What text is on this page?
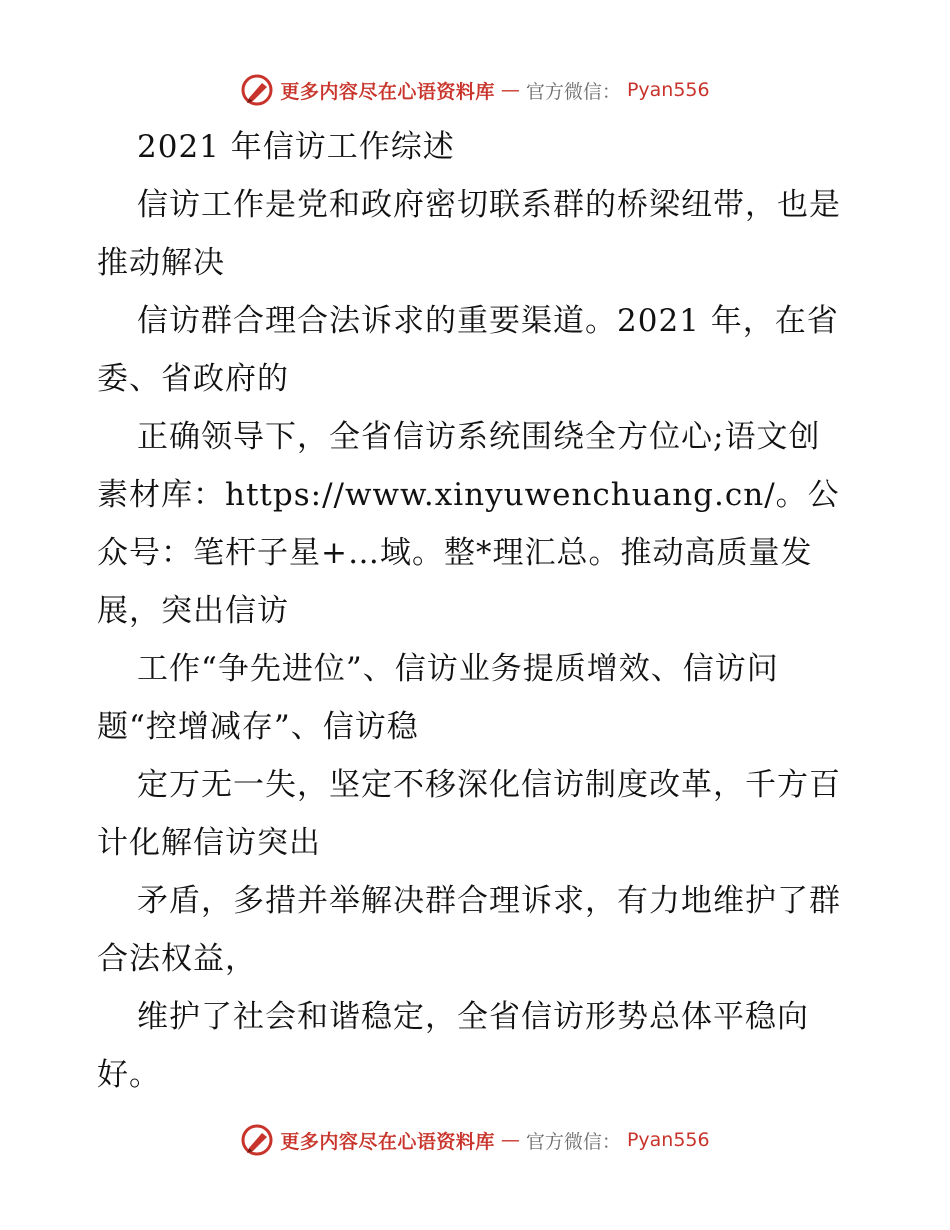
更多内容尽在心语资料库 — 官方微信： Pyan556

2021 年信访工作综述

信访工作是党和政府密切联系群的桥梁纽带，也是推动解决

信访群合理合法诉求的重要渠道。2021 年，在省委、省政府的

正确领导下，全省信访系统围绕全方位心;语文创素材库：https://www.xinyuwenchuang.cn/。公众号：笔杆子星+…域。整*理汇总。推动高质量发展，突出信访

工作“争先进位”、信访业务提质增效、信访问题“控增减存”、信访稳

定万无一失，坚定不移深化信访制度改革，千方百计化解信访突出

矛盾，多措并举解决群合理诉求，有力地维护了群合法权益，

维护了社会和谐稳定，全省信访形势总体平稳向好。

更多内容尽在心语资料库 — 官方微信： Pyan556
